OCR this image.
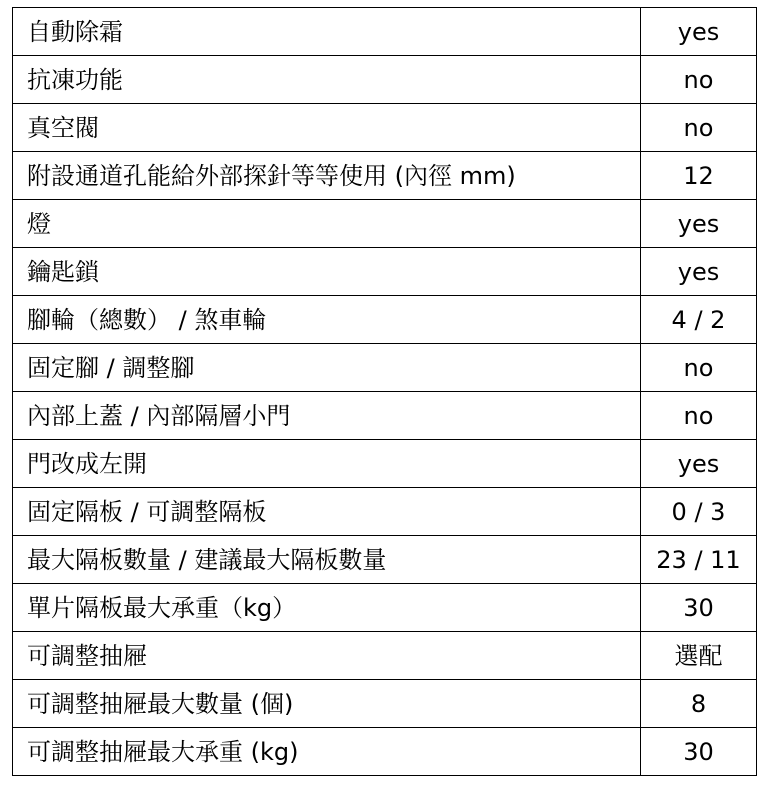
自動除霜	yes
抗凍功能	no
真空閥	no
附設通道孔能給外部探針等等使用 (內徑 mm)	12
燈	yes
鑰匙鎖	yes
腳輪（總數） / 煞車輪	4 / 2
固定腳 / 調整腳	no
內部上蓋 / 內部隔層小門	no
門改成左開	yes
固定隔板 / 可調整隔板	0 / 3
最大隔板數量 / 建議最大隔板數量	23 / 11
單片隔板最大承重（kg）	30
可調整抽屜	選配
可調整抽屜最大數量 (個)	8
可調整抽屜最大承重 (kg)	30
